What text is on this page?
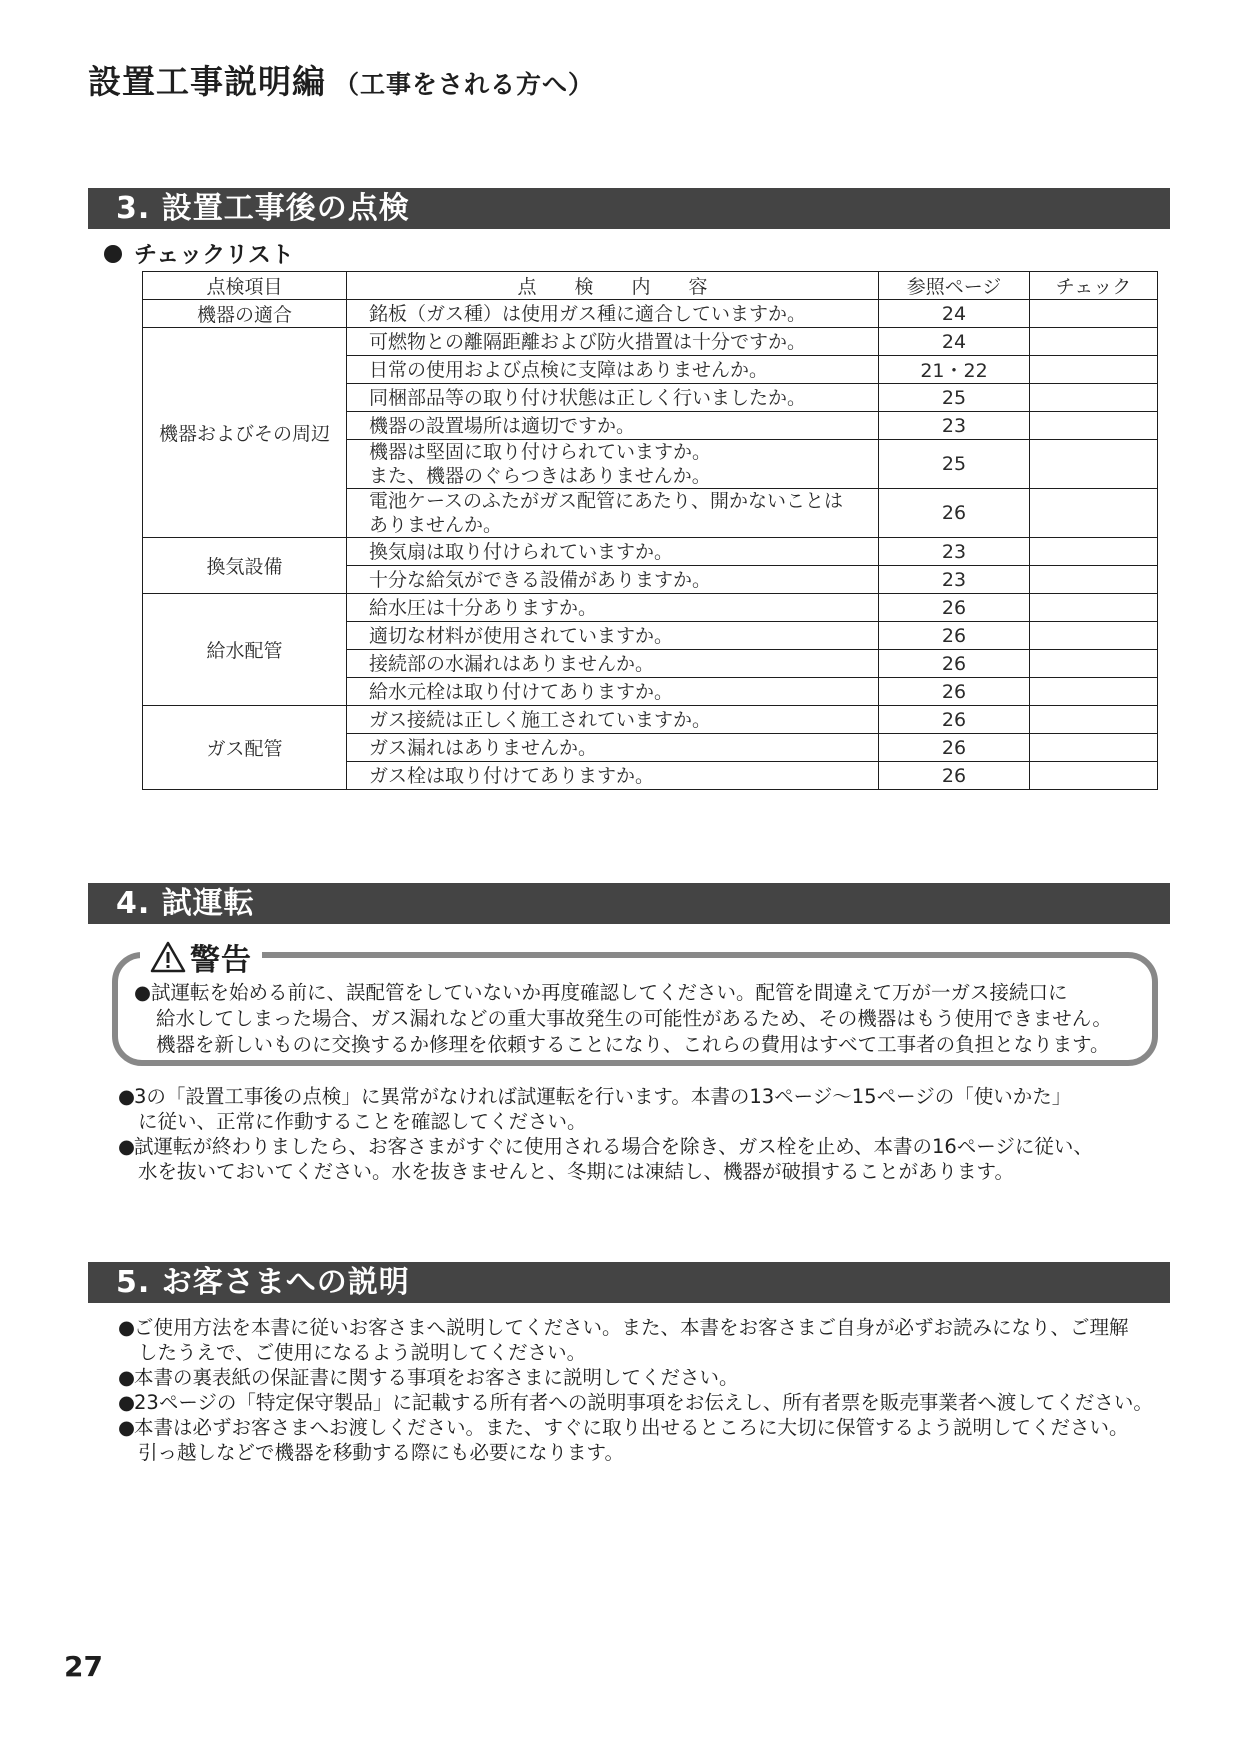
設置工事説明編 （工事をされる方へ）
3. 設置工事後の点検
チェックリスト
点検項目	点　　検　　内　　容	参照ページ	チェック
機器の適合	銘板（ガス種）は使用ガス種に適合していますか。	24	
機器およびその周辺	可燃物との離隔距離および防火措置は十分ですか。	24	
	日常の使用および点検に支障はありませんか。	21・22	
	同梱部品等の取り付け状態は正しく行いましたか。	25	
	機器の設置場所は適切ですか。	23	

	機器は堅固に取り付けられていますか。
また、機器のぐらつきはありませんか。	25	

	電池ケースのふたがガス配管にあたり、開かないことは
ありませんか。	26	
換気設備	換気扇は取り付けられていますか。	23	
	十分な給気ができる設備がありますか。	23	
給水配管	給水圧は十分ありますか。	26	
	適切な材料が使用されていますか。	26	
	接続部の水漏れはありませんか。	26	
	給水元栓は取り付けてありますか。	26	
ガス配管	ガス接続は正しく施工されていますか。	26	
	ガス漏れはありませんか。	26	
	ガス栓は取り付けてありますか。	26	
4. 試運転
警告
●試運転を始める前に、誤配管をしていないか再度確認してください。配管を間違えて万が一ガス接続口に
給水してしまった場合、ガス漏れなどの重大事故発生の可能性があるため、その機器はもう使用できません。
機器を新しいものに交換するか修理を依頼することになり、これらの費用はすべて工事者の負担となります。
●3の「設置工事後の点検」に異常がなければ試運転を行います。本書の13ページ～15ページの「使いかた」
に従い、正常に作動することを確認してください。
●試運転が終わりましたら、お客さまがすぐに使用される場合を除き、ガス栓を止め、本書の16ページに従い、
水を抜いておいてください。水を抜きませんと、冬期には凍結し、機器が破損することがあります。
5. お客さまへの説明
●ご使用方法を本書に従いお客さまへ説明してください。また、本書をお客さまご自身が必ずお読みになり、ご理解
したうえで、ご使用になるよう説明してください。
●本書の裏表紙の保証書に関する事項をお客さまに説明してください。
●23ページの「特定保守製品」に記載する所有者への説明事項をお伝えし、所有者票を販売事業者へ渡してください。
●本書は必ずお客さまへお渡しください。また、すぐに取り出せるところに大切に保管するよう説明してください。
引っ越しなどで機器を移動する際にも必要になります。
27
